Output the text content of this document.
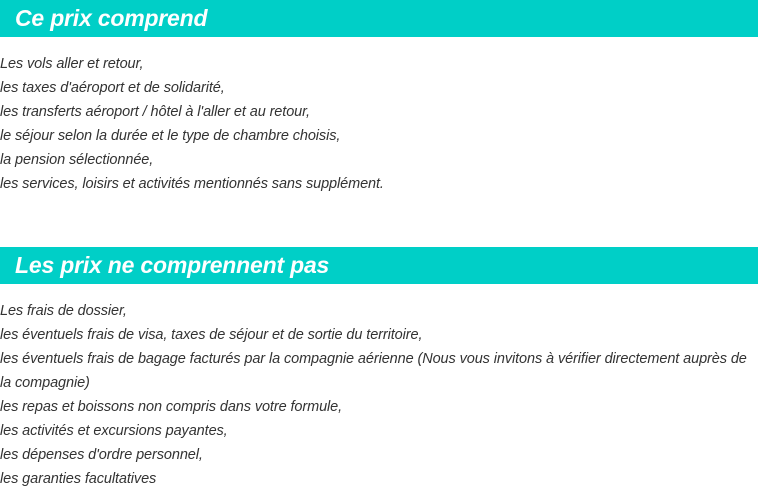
Ce prix comprend
Les vols aller et retour,
les taxes d'aéroport et de solidarité,
les transferts aéroport / hôtel à l'aller et au retour,
le séjour selon la durée et le type de chambre choisis,
la pension sélectionnée,
les services, loisirs et activités mentionnés sans supplément.
Les prix ne comprennent pas
Les frais de dossier,
les éventuels frais de visa, taxes de séjour et de sortie du territoire,
les éventuels frais de bagage facturés par la compagnie aérienne (Nous vous invitons à vérifier directement auprès de la compagnie)
les repas et boissons non compris dans votre formule,
les activités et excursions payantes,
les dépenses d'ordre personnel,
les garanties facultatives
